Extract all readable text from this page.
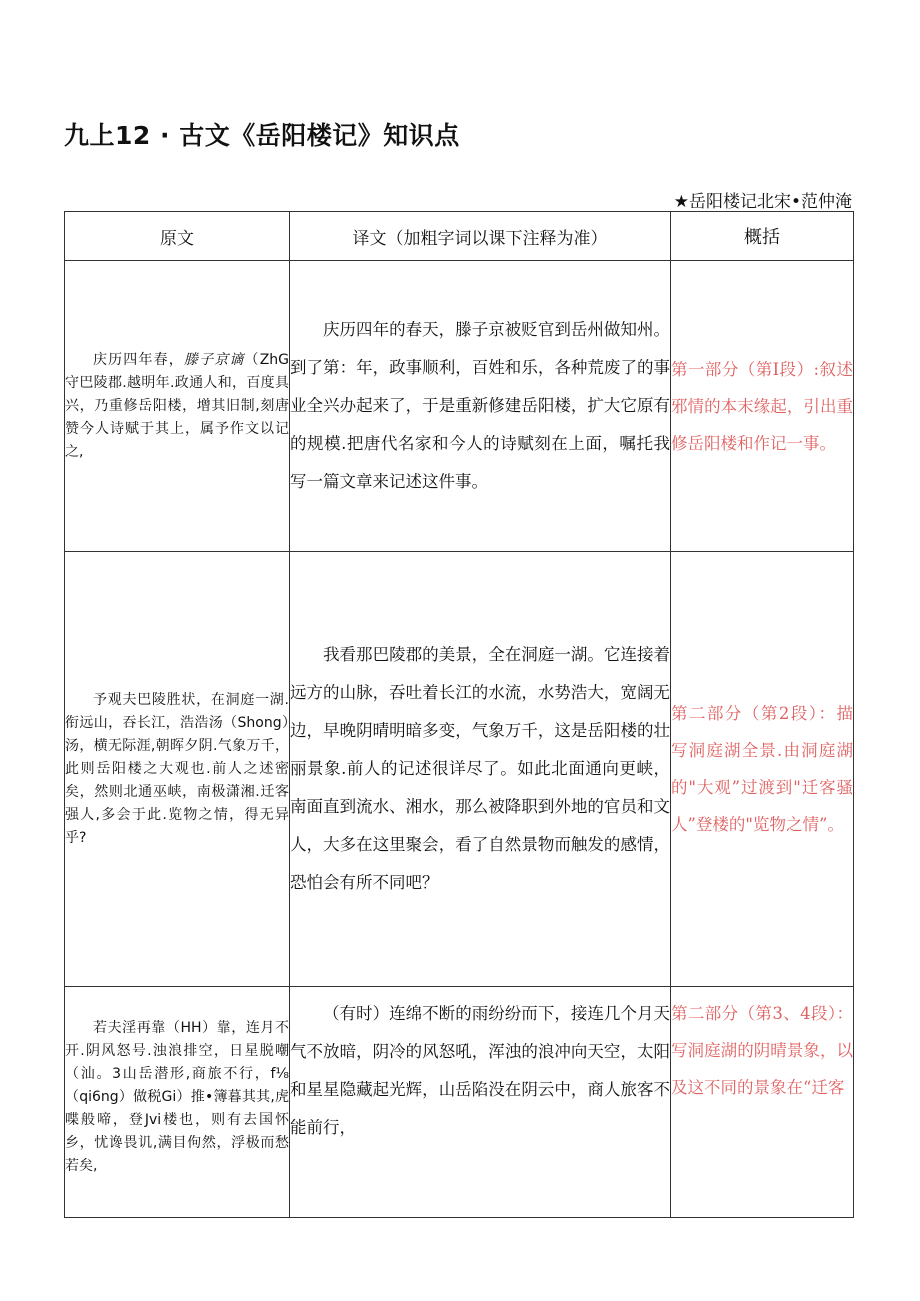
九上12 · 古文《岳阳楼记》知识点
★岳阳楼记北宋•范仲淹
原文	译文（加粗字词以课下注释为准）	概括
庆历四年春，滕子京谪（ZhG守巴陵郡.越明年.政通人和，百度具兴，乃重修岳阳楼，增其旧制,刻唐赞今人诗赋于其上，属予作文以记之,	庆历四年的春天，滕子京被贬官到岳州做知州。到了第：年，政事顺利，百姓和乐，各种荒废了的事业全兴办起来了，于是重新修建岳阳楼，扩大它原有的规模.把唐代名家和今人的诗赋刻在上面，嘱托我写一篇文章来记述这件事。	第一部分（第Ⅰ段）:叙述邪情的本末缘起，引出重修岳阳楼和作记一事。
予观夫巴陵胜状，在洞庭一湖.衔远山，吞长江，浩浩汤（Shong）汤，横无际涯,朝晖夕阴.气象万千，此则岳阳楼之大观也.前人之述密矣，然则北通巫峡，南极潇湘.迁客强人,多会于此.览物之情，得无异乎?	我看那巴陵郡的美景，全在洞庭一湖。它连接着远方的山脉，吞吐着长江的水流，水势浩大，宽阔无边，早晚阴晴明暗多变，气象万千，这是岳阳楼的壮丽景象.前人的记述很详尽了。如此北面通向更峡，南面直到流水、湘水，那么被降职到外地的官员和文人，大多在这里聚会，看了自然景物而触发的感情，恐怕会有所不同吧？	第二部分（第2段）：描写洞庭湖全景.由洞庭湖的"大观”过渡到"迁客骚人”登楼的"览物之情”。
若夫淫再靠（HH）靠，连月不开.阴风怒号.浊浪排空，日星脱嘲（汕。3山岳潜形,商旅不行，f⅛（qi6ng）做税Gi）推•簿暮其其,虎喋般啼，登Jvi楼也，则有去国怀乡，忧谗畏讥,满目佝然，浮极而愁若矣,	（有时）连绵不断的雨纷纷而下，接连几个月天气不放暗，阴冷的风怒吼，浑浊的浪冲向天空，太阳和星星隐藏起光辉，山岳陷没在阴云中，商人旅客不能前行，	第二部分（第3、4段）：写洞庭湖的阴晴景象，以及这不同的景象在“迁客
